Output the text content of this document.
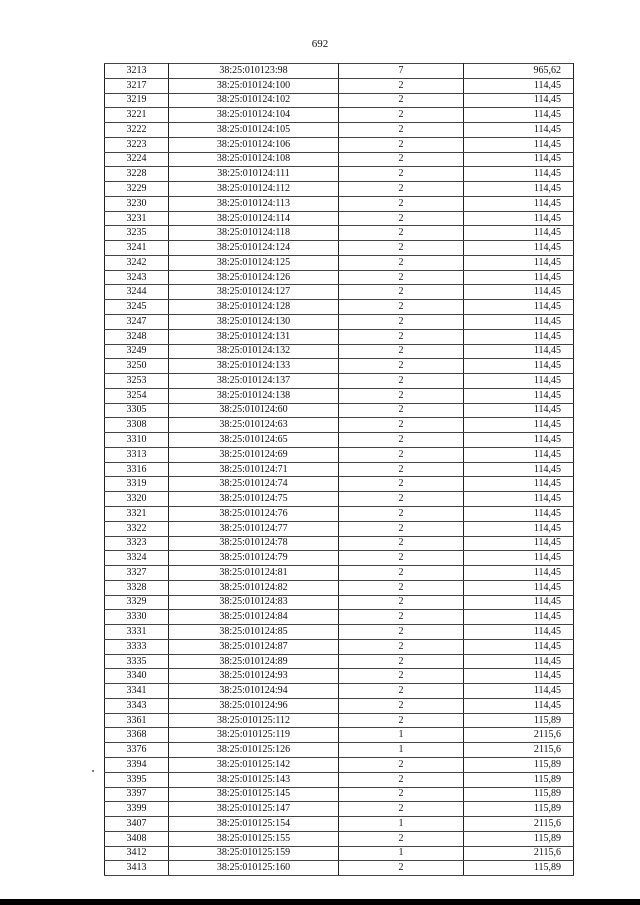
692
3213	38:25:010123:98	7	965,62
3217	38:25:010124:100	2	114,45
3219	38:25:010124:102	2	114,45
3221	38:25:010124:104	2	114,45
3222	38:25:010124:105	2	114,45
3223	38:25:010124:106	2	114,45
3224	38:25:010124:108	2	114,45
3228	38:25:010124:111	2	114,45
3229	38:25:010124:112	2	114,45
3230	38:25:010124:113	2	114,45
3231	38:25:010124:114	2	114,45
3235	38:25:010124:118	2	114,45
3241	38:25:010124:124	2	114,45
3242	38:25:010124:125	2	114,45
3243	38:25:010124:126	2	114,45
3244	38:25:010124:127	2	114,45
3245	38:25:010124:128	2	114,45
3247	38:25:010124:130	2	114,45
3248	38:25:010124:131	2	114,45
3249	38:25:010124:132	2	114,45
3250	38:25:010124:133	2	114,45
3253	38:25:010124:137	2	114,45
3254	38:25:010124:138	2	114,45
3305	38:25:010124:60	2	114,45
3308	38:25:010124:63	2	114,45
3310	38:25:010124:65	2	114,45
3313	38:25:010124:69	2	114,45
3316	38:25:010124:71	2	114,45
3319	38:25:010124:74	2	114,45
3320	38:25:010124:75	2	114,45
3321	38:25:010124:76	2	114,45
3322	38:25:010124:77	2	114,45
3323	38:25:010124:78	2	114,45
3324	38:25:010124:79	2	114,45
3327	38:25:010124:81	2	114,45
3328	38:25:010124:82	2	114,45
3329	38:25:010124:83	2	114,45
3330	38:25:010124:84	2	114,45
3331	38:25:010124:85	2	114,45
3333	38:25:010124:87	2	114,45
3335	38:25:010124:89	2	114,45
3340	38:25:010124:93	2	114,45
3341	38:25:010124:94	2	114,45
3343	38:25:010124:96	2	114,45
3361	38:25:010125:112	2	115,89
3368	38:25:010125:119	1	2115,6
3376	38:25:010125:126	1	2115,6
3394	38:25:010125:142	2	115,89
3395	38:25:010125:143	2	115,89
3397	38:25:010125:145	2	115,89
3399	38:25:010125:147	2	115,89
3407	38:25:010125:154	1	2115,6
3408	38:25:010125:155	2	115,89
3412	38:25:010125:159	1	2115,6
3413	38:25:010125:160	2	115,89
